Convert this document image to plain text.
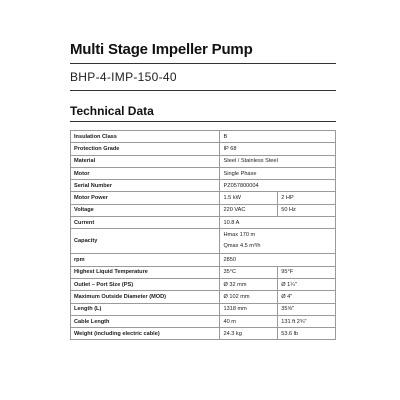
Multi Stage Impeller Pump
BHP-4-IMP-150-40
Technical Data
Insulation Class	B	
Protection Grade	IP 68	
Material	Steel / Stainless Steel	
Motor	Single Phase	
Serial Number	PZ057800004	
Motor Power	1.5 kW	2 HP
Voltage	220 VAC	50 Hz
Current	10.8 A	
Capacity	Hmax 170 m
Qmax 4.5 m³/h	

rpm	2850	
Highest Liquid Temperature	35°C	95°F
Outlet – Port Size (PS)	Ø 32 mm	Ø 1¼"
Maximum Outside Diameter (MOD)	Ø 102 mm	Ø 4"
Length (L)	1318 mm	35⅝"
Cable Length	40 m	131 ft 2¾"
Weight (including electric cable)	24.3 kg	53.6 lb
